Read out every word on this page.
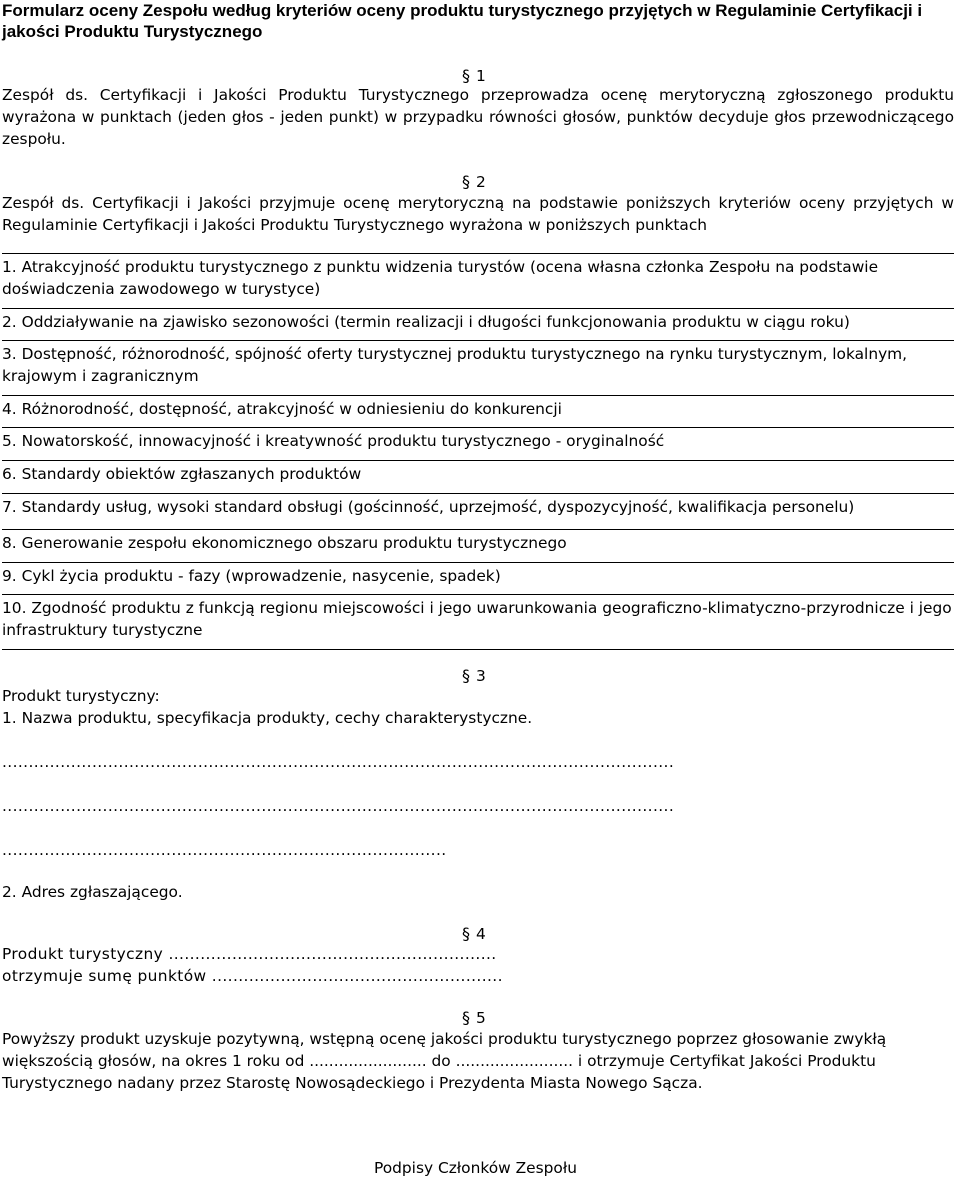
Formularz oceny Zespołu według kryteriów oceny produktu turystycznego przyjętych w Regulaminie Certyfikacji i jakości Produktu Turystycznego
§ 1
Zespół ds. Certyfikacji i Jakości Produktu Turystycznego przeprowadza ocenę merytoryczną zgłoszonego produktu wyrażona w punktach (jeden głos - jeden punkt) w przypadku równości głosów, punktów decyduje głos przewodniczącego zespołu.
§ 2
Zespół ds. Certyfikacji i Jakości przyjmuje ocenę merytoryczną na podstawie poniższych kryteriów oceny przyjętych w Regulaminie Certyfikacji i Jakości Produktu Turystycznego wyrażona w poniższych punktach
1. Atrakcyjność produktu turystycznego z punktu widzenia turystów (ocena własna członka Zespołu na podstawie doświadczenia zawodowego w turystyce)
2. Oddziaływanie na zjawisko sezonowości (termin realizacji i długości funkcjonowania produktu w ciągu roku)
3. Dostępność, różnorodność, spójność oferty turystycznej produktu turystycznego na rynku turystycznym, lokalnym, krajowym i zagranicznym
4. Różnorodność, dostępność, atrakcyjność w odniesieniu do konkurencji
5. Nowatorskość, innowacyjność i kreatywność produktu turystycznego - oryginalność
6. Standardy obiektów zgłaszanych produktów
7. Standardy usług, wysoki standard obsługi (gościnność, uprzejmość, dyspozycyjność, kwalifikacja personelu)
8. Generowanie zespołu ekonomicznego obszaru produktu turystycznego
9. Cykl życia produktu - fazy (wprowadzenie, nasycenie, spadek)
10. Zgodność produktu z funkcją regionu miejscowości i jego uwarunkowania geograficzno-klimatyczno-przyrodnicze i jego infrastruktury turystyczne
§ 3
Produkt turystyczny:
1. Nazwa produktu, specyfikacja produkty, cechy charakterystyczne.
...............................................................................................................................
...............................................................................................................................
....................................................................................
2. Adres zgłaszającego.
§ 4
Produkt turystyczny ..............................................................
otrzymuje sumę punktów .......................................................
§ 5
Powyższy produkt uzyskuje pozytywną, wstępną ocenę jakości produktu turystycznego poprzez głosowanie zwykłą większością głosów, na okres 1 roku od ........................ do ........................ i otrzymuje Certyfikat Jakości Produktu Turystycznego nadany przez Starostę Nowosądeckiego i Prezydenta Miasta Nowego Sącza.
Podpisy Członków Zespołu
